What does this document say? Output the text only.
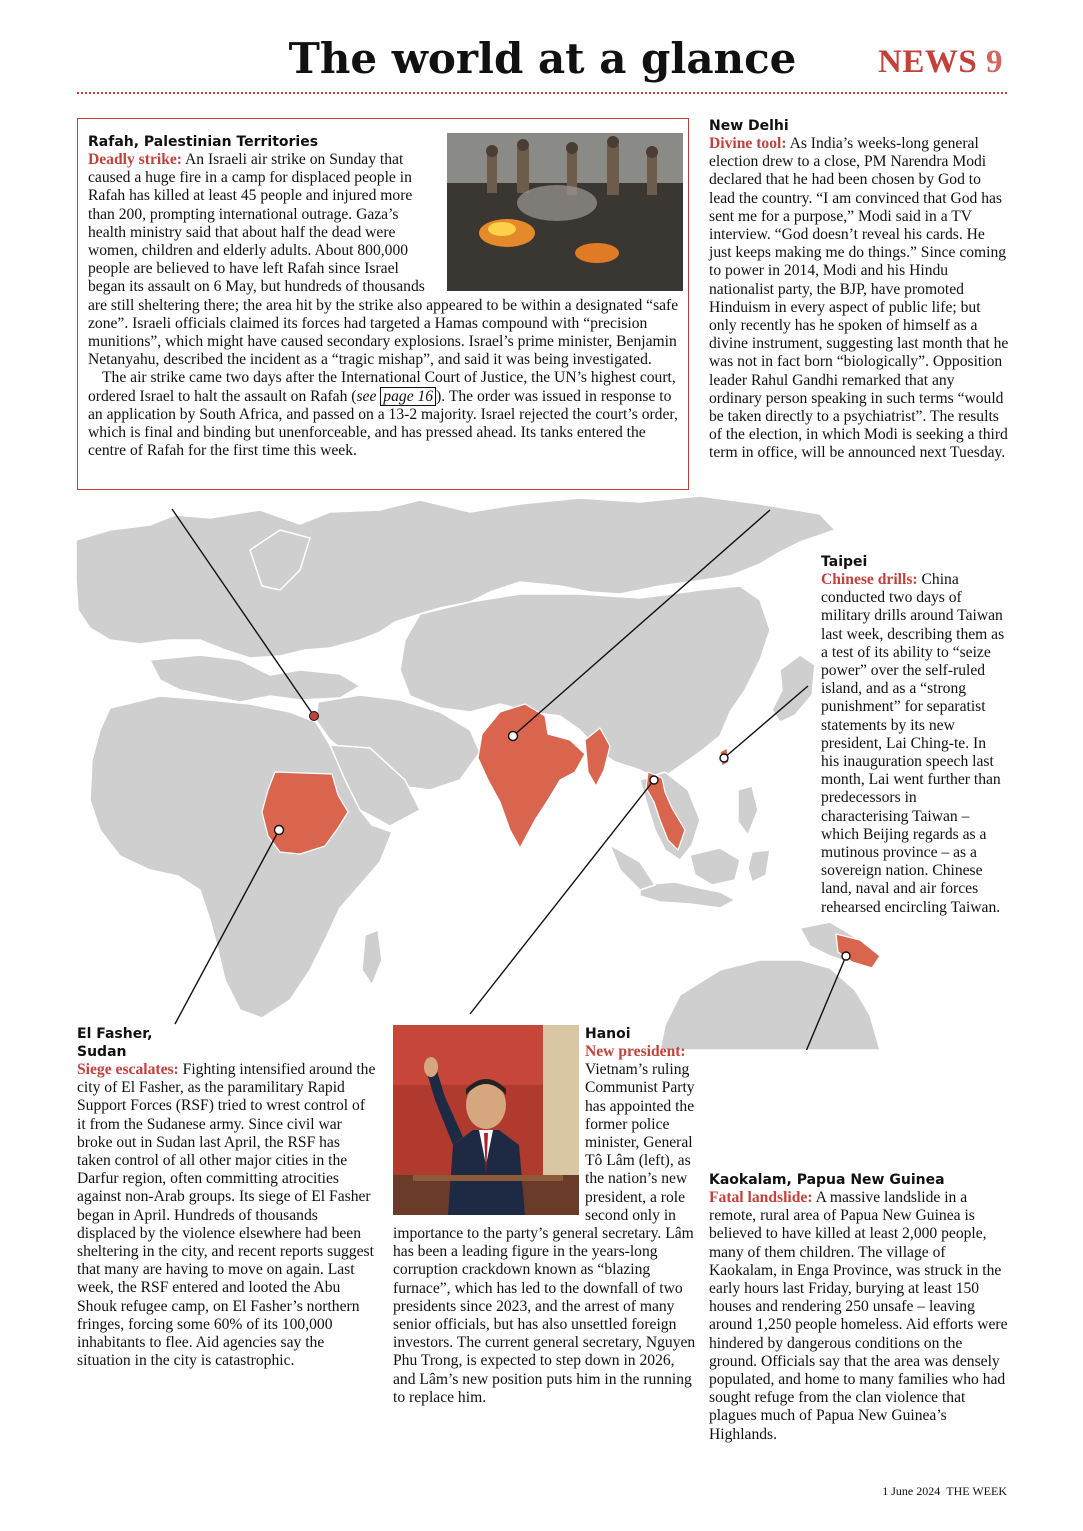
The world at a glance	NEWS 9
Rafah, Palestinian Territories

Deadly strike: An Israeli air strike on Sunday that caused a huge fire in a camp for displaced people in Rafah has killed at least 45 people and injured more than 200, prompting international outrage. Gaza’s health ministry said that about half the dead were women, children and elderly adults. About 800,000 people are believed to have left Rafah since Israel began its assault on 6 May, but hundreds of thousands are still sheltering there; the area hit by the strike also appeared to be within a designated “safe zone”. Israeli officials claimed its forces had targeted a Hamas compound with “precision munitions”, which might have caused secondary explosions. Israel’s prime minister, Benjamin Netanyahu, described the incident as a “tragic mishap”, and said it was being investigated.

The air strike came two days after the International Court of Justice, the UN’s highest court, ordered Israel to halt the assault on Rafah (see page 16 ). The order was issued in response to an application by South Africa, and passed on a 13-2 majority. Israel rejected the court’s order, which is final and binding but unenforceable, and has pressed ahead. Its tanks entered the centre of Rafah for the first time this week.

New Delhi

Divine tool: As India’s weeks-long general election drew to a close, PM Narendra Modi declared that he had been chosen by God to lead the country. “I am convinced that God has sent me for a purpose,” Modi said in a TV interview. “God doesn’t reveal his cards. He just keeps making me do things.” Since coming to power in 2014, Modi and his Hindu nationalist party, the BJP, have promoted Hinduism in every aspect of public life; but only recently has he spoken of himself as a divine instrument, suggesting last month that he was not in fact born “biologically”. Opposition leader Rahul Gandhi remarked that any ordinary person speaking in such terms “would be taken directly to a psychiatrist”. The results of the election, in which Modi is seeking a third term in office, will be announced next Tuesday.

Taipei

Chinese drills: China conducted two days of military drills around Taiwan last week, describing them as a test of its ability to “seize power” over the self-ruled island, and as a “strong punishment” for separatist statements by its new president, Lai Ching-te. In his inauguration speech last month, Lai went further than predecessors in characterising Taiwan – which Beijing regards as a mutinous province – as a sovereign nation. Chinese land, naval and air forces rehearsed encircling Taiwan.

El Fasher, Sudan

Siege escalates: Fighting intensified around the city of El Fasher, as the paramilitary Rapid Support Forces (RSF) tried to wrest control of it from the Sudanese army. Since civil war broke out in Sudan last April, the RSF has taken control of all other major cities in the Darfur region, often committing atrocities against non-Arab groups. Its siege of El Fasher began in April. Hundreds of thousands displaced by the violence elsewhere had been sheltering in the city, and recent reports suggest that many are having to move on again. Last week, the RSF entered and looted the Abu Shouk refugee camp, on El Fasher’s northern fringes, forcing some 60% of its 100,000 inhabitants to flee. Aid agencies say the situation in the city is catastrophic.

Hanoi

New president: Vietnam’s ruling Communist Party has appointed the former police minister, General Tô Lâm (left), as the nation’s new president, a role second only in importance to the party’s general secretary. Lâm has been a leading figure in the years-long corruption crackdown known as “blazing furnace”, which has led to the downfall of two presidents since 2023, and the arrest of many senior officials, but has also unsettled foreign investors. The current general secretary, Nguyen Phu Trong, is expected to step down in 2026, and Lâm’s new position puts him in the running to replace him.

Kaokalam, Papua New Guinea

Fatal landslide: A massive landslide in a remote, rural area of Papua New Guinea is believed to have killed at least 2,000 people, many of them children. The village of Kaokalam, in Enga Province, was struck in the early hours last Friday, burying at least 150 houses and rendering 250 unsafe – leaving around 1,250 people homeless. Aid efforts were hindered by dangerous conditions on the ground. Officials say that the area was densely populated, and home to many families who had sought refuge from the clan violence that plagues much of Papua New Guinea’s Highlands.

1 June 2024 THE WEEK
